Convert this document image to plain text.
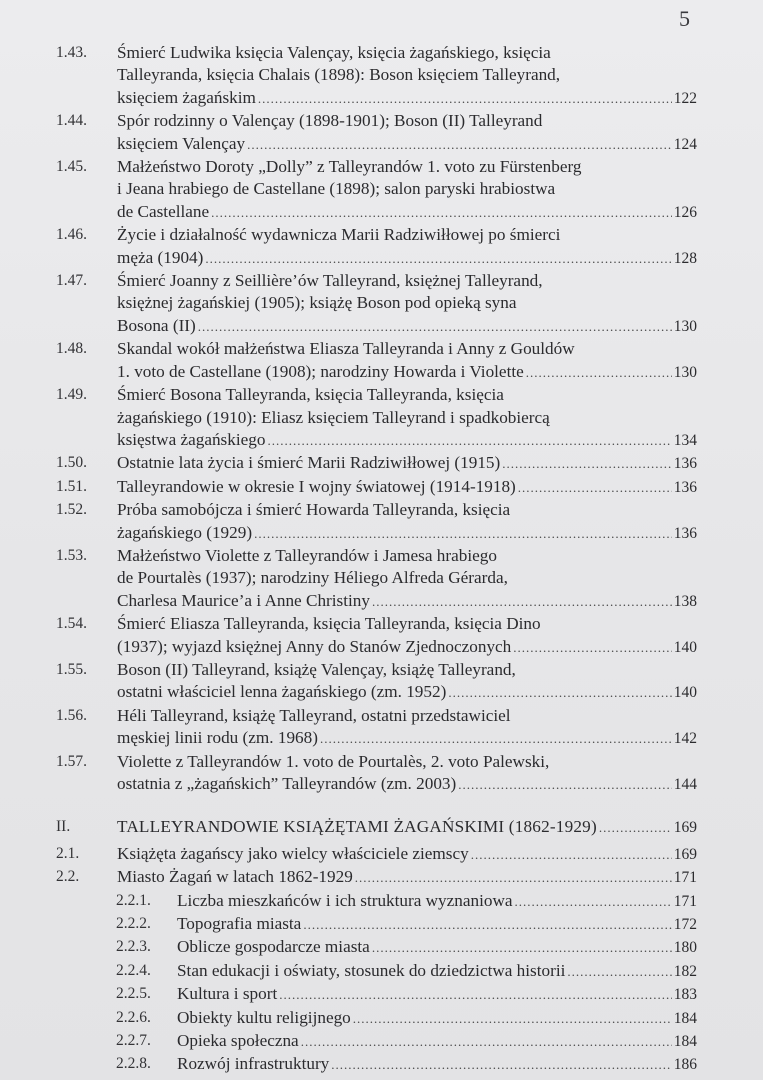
5
1.43. Śmierć Ludwika księcia Valençay, księcia żagańskiego, księcia
Talleyranda, księcia Chalais (1898): Boson księciem Talleyrand,
księciem żagańskim .....	122
1.44. Spór rodzinny o Valençay (1898-1901); Boson (II) Talleyrand
księciem Valençay .....	124
1.45. Małżeństwo Doroty „Dolly” z Talleyrandów 1. voto zu Fürstenberg
i Jeana hrabiego de Castellane (1898); salon paryski hrabiostwa
de Castellane .....	126
1.46. Życie i działalność wydawnicza Marii Radziwiłłowej po śmierci
męża (1904) .....	128
1.47. Śmierć Joanny z Seillière’ów Talleyrand, księżnej Talleyrand,
księżnej żagańskiej (1905); książę Boson pod opieką syna
Bosona (II) .....	130
1.48. Skandal wokół małżeństwa Eliasza Talleyranda i Anny z Gouldów
1. voto de Castellane (1908); narodziny Howarda i Violette .....	130
1.49. Śmierć Bosona Talleyranda, księcia Talleyranda, księcia
żagańskiego (1910): Eliasz księciem Talleyrand i spadkobiercą
księstwa żagańskiego .....	134
1.50. Ostatnie lata życia i śmierć Marii Radziwiłłowej (1915) .....	136
1.51. Talleyrandowie w okresie I wojny światowej (1914-1918) .....	136
1.52. Próba samobójcza i śmierć Howarda Talleyranda, księcia
żagańskiego (1929) .....	136
1.53. Małżeństwo Violette z Talleyrandów i Jamesa hrabiego
de Pourtalès (1937); narodziny Héliego Alfreda Gérarda,
Charlesa Maurice’a i Anne Christiny .....	138
1.54. Śmierć Eliasza Talleyranda, księcia Talleyranda, księcia Dino
(1937); wyjazd księżnej Anny do Stanów Zjednoczonych .....	140
1.55. Boson (II) Talleyrand, książę Valençay, książę Talleyrand,
ostatni właściciel lenna żagańskiego (zm. 1952) .....	140
1.56. Héli Talleyrand, książę Talleyrand, ostatni przedstawiciel
męskiej linii rodu (zm. 1968) .....	142
1.57. Violette z Talleyrandów 1. voto de Pourtalès, 2. voto Palewski,
ostatnia z „żagańskich” Talleyrandów (zm. 2003) .....	144
II.	TALLEYRANDOWIE KSIĄŻĘTAMI ŻAGAŃSKIMI (1862-1929) .....	169
2.1. Książęta żagańscy jako wielcy właściciele ziemscy .....	169
2.2. Miasto Żagań w latach 1862-1929 .....	171
2.2.1. Liczba mieszkańców i ich struktura wyznaniowa .....	171
2.2.2. Topografia miasta .....	172
2.2.3. Oblicze gospodarcze miasta .....	180
2.2.4. Stan edukacji i oświaty, stosunek do dziedzictwa historii .....	182
2.2.5. Kultura i sport .....	183
2.2.6. Obiekty kultu religijnego .....	184
2.2.7. Opieka społeczna .....	184
2.2.8. Rozwój infrastruktury .....	186
